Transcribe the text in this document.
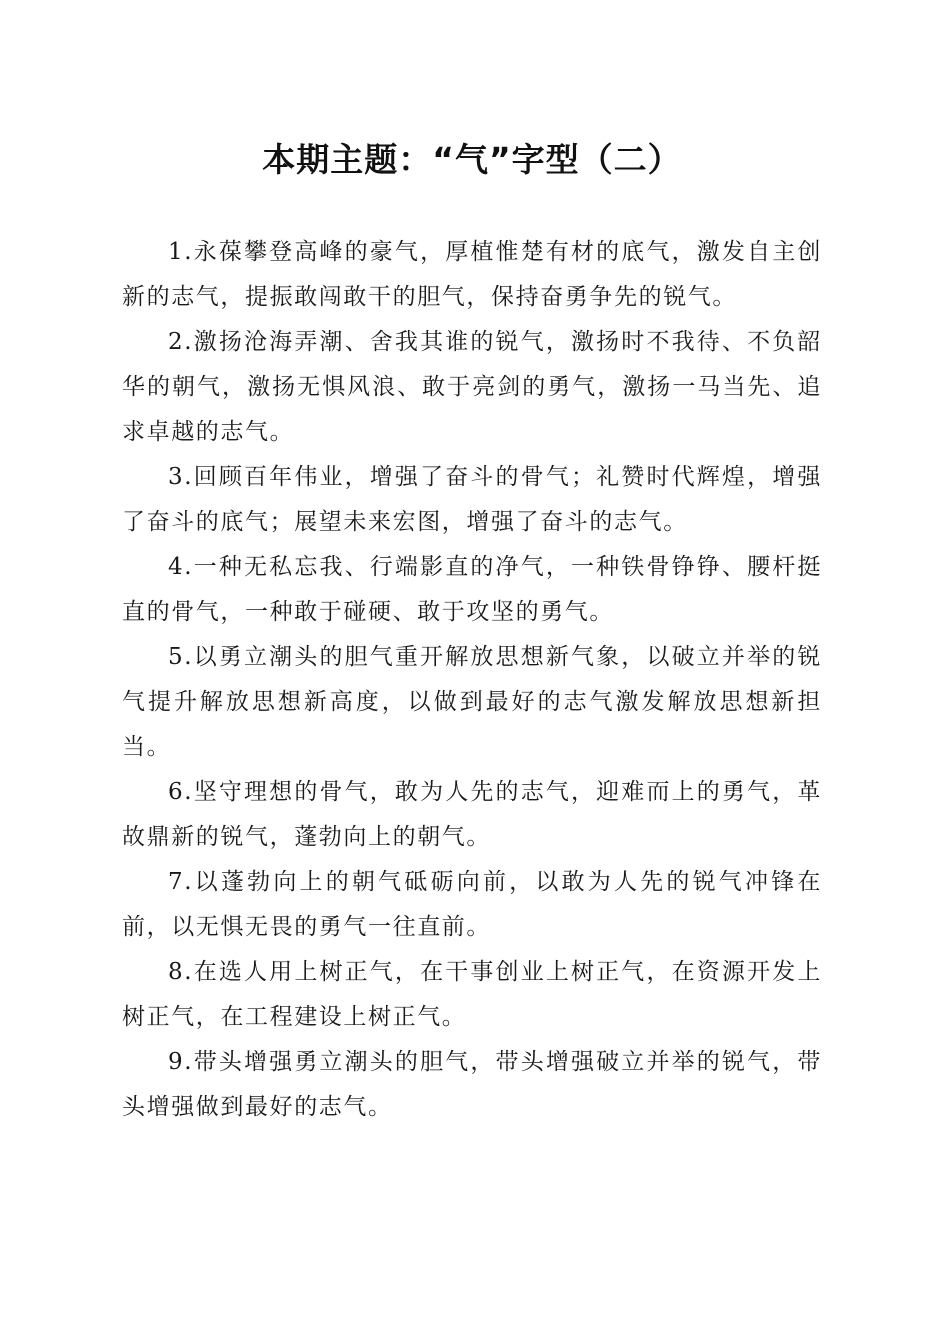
本期主题：“气”字型（二）

1.永葆攀登高峰的豪气，厚植惟楚有材的底气，激发自主创新的志气，提振敢闯敢干的胆气，保持奋勇争先的锐气。

2.激扬沧海弄潮、舍我其谁的锐气，激扬时不我待、不负韶华的朝气，激扬无惧风浪、敢于亮剑的勇气，激扬一马当先、追求卓越的志气。

3.回顾百年伟业，增强了奋斗的骨气；礼赞时代辉煌，增强了奋斗的底气；展望未来宏图，增强了奋斗的志气。

4.一种无私忘我、行端影直的净气，一种铁骨铮铮、腰杆挺直的骨气，一种敢于碰硬、敢于攻坚的勇气。

5.以勇立潮头的胆气重开解放思想新气象，以破立并举的锐气提升解放思想新高度，以做到最好的志气激发解放思想新担当。

6.坚守理想的骨气，敢为人先的志气，迎难而上的勇气，革故鼎新的锐气，蓬勃向上的朝气。

7.以蓬勃向上的朝气砥砺向前，以敢为人先的锐气冲锋在前，以无惧无畏的勇气一往直前。

8.在选人用上树正气，在干事创业上树正气，在资源开发上树正气，在工程建设上树正气。

9.带头增强勇立潮头的胆气，带头增强破立并举的锐气，带头增强做到最好的志气。
